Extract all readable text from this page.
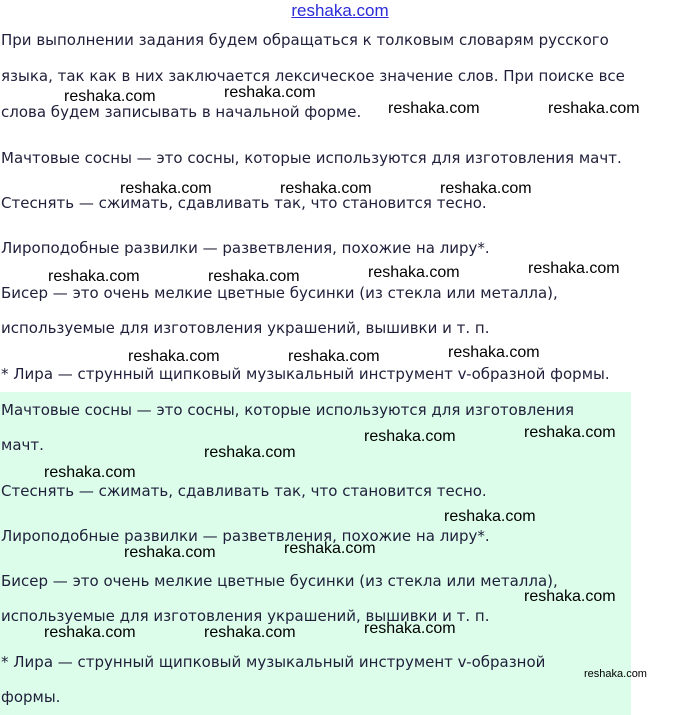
reshaka.com

При выполнении задания будем обращаться к толковым словарям русского

языка, так как в них заключается лексическое значение слов. При поиске все

слова будем записывать в начальной форме.

Мачтовые сосны — это сосны, которые используются для изготовления мачт.

Стеснять — сжимать, сдавливать так, что становится тесно.

Лироподобные развилки — разветвления, похожие на лиру*.

Бисер — это очень мелкие цветные бусинки (из стекла или металла),

используемые для изготовления украшений, вышивки и т. п.

* Лира — струнный щипковый музыкальный инструмент v-образной формы.

Мачтовые сосны — это сосны, которые используются для изготовления

мачт.

Стеснять — сжимать, сдавливать так, что становится тесно.

Лироподобные развилки — разветвления, похожие на лиру*.

Бисер — это очень мелкие цветные бусинки (из стекла или металла),

используемые для изготовления украшений, вышивки и т. п.

* Лира — струнный щипковый музыкальный инструмент v-образной

формы.

reshaka.com	reshaka.com
reshaka.com	reshaka.com
reshaka.com	reshaka.com	reshaka.com
reshaka.com	reshaka.com	reshaka.com	reshaka.com
reshaka.com	reshaka.com	reshaka.com
reshaka.com	reshaka.com
reshaka.com
reshaka.com
reshaka.com
reshaka.com
reshaka.com
reshaka.com
reshaka.com
reshaka.com
reshaka.com
reshaka.com
